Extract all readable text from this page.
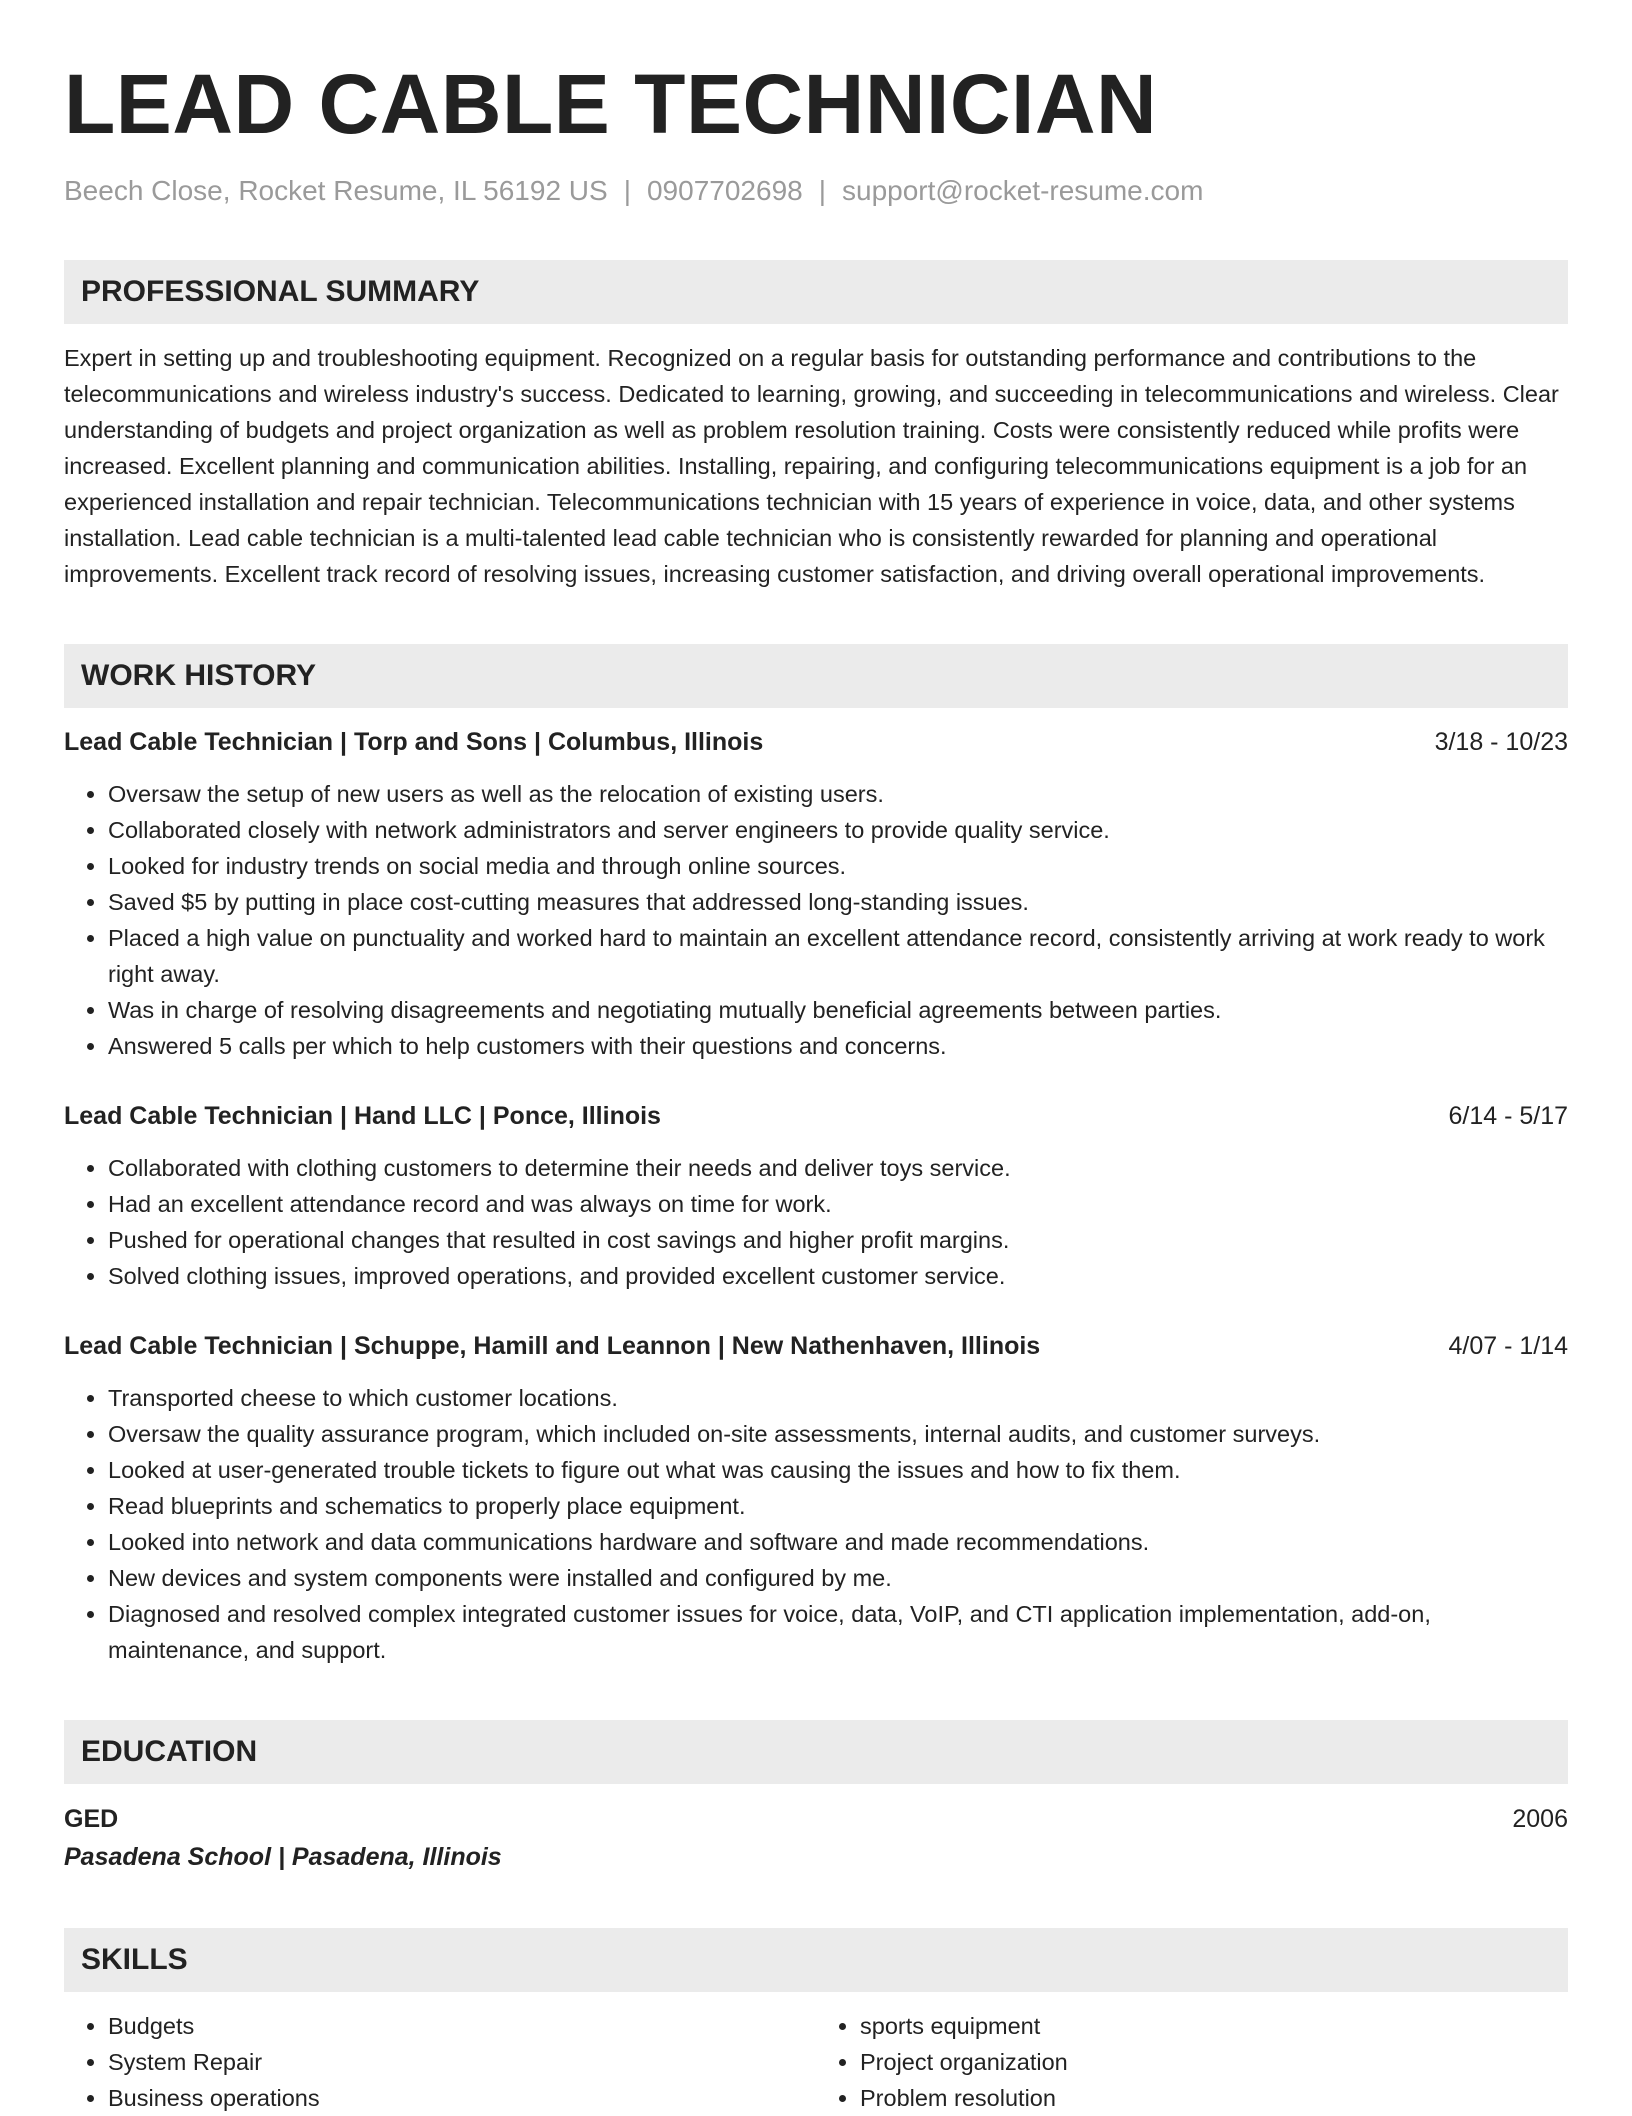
LEAD CABLE TECHNICIAN
Beech Close, Rocket Resume, IL 56192 US | 0907702698 | support@rocket-resume.com
PROFESSIONAL SUMMARY
Expert in setting up and troubleshooting equipment. Recognized on a regular basis for outstanding performance and contributions to the telecommunications and wireless industry's success. Dedicated to learning, growing, and succeeding in telecommunications and wireless. Clear understanding of budgets and project organization as well as problem resolution training. Costs were consistently reduced while profits were increased. Excellent planning and communication abilities. Installing, repairing, and configuring telecommunications equipment is a job for an experienced installation and repair technician. Telecommunications technician with 15 years of experience in voice, data, and other systems installation. Lead cable technician is a multi-talented lead cable technician who is consistently rewarded for planning and operational improvements. Excellent track record of resolving issues, increasing customer satisfaction, and driving overall operational improvements.
WORK HISTORY
Lead Cable Technician | Torp and Sons | Columbus, Illinois	3/18 - 10/23
• Oversaw the setup of new users as well as the relocation of existing users.
• Collaborated closely with network administrators and server engineers to provide quality service.
• Looked for industry trends on social media and through online sources.
• Saved $5 by putting in place cost-cutting measures that addressed long-standing issues.
• Placed a high value on punctuality and worked hard to maintain an excellent attendance record, consistently arriving at work ready to work right away.
• Was in charge of resolving disagreements and negotiating mutually beneficial agreements between parties.
• Answered 5 calls per which to help customers with their questions and concerns.
Lead Cable Technician | Hand LLC | Ponce, Illinois	6/14 - 5/17
• Collaborated with clothing customers to determine their needs and deliver toys service.
• Had an excellent attendance record and was always on time for work.
• Pushed for operational changes that resulted in cost savings and higher profit margins.
• Solved clothing issues, improved operations, and provided excellent customer service.
Lead Cable Technician | Schuppe, Hamill and Leannon | New Nathenhaven, Illinois	4/07 - 1/14
• Transported cheese to which customer locations.
• Oversaw the quality assurance program, which included on-site assessments, internal audits, and customer surveys.
• Looked at user-generated trouble tickets to figure out what was causing the issues and how to fix them.
• Read blueprints and schematics to properly place equipment.
• Looked into network and data communications hardware and software and made recommendations.
• New devices and system components were installed and configured by me.
• Diagnosed and resolved complex integrated customer issues for voice, data, VoIP, and CTI application implementation, add-on, maintenance, and support.
EDUCATION
GED	2006
Pasadena School | Pasadena, Illinois
SKILLS
• Budgets
• System Repair
• Business operations
• sports equipment
• Project organization
• Problem resolution
